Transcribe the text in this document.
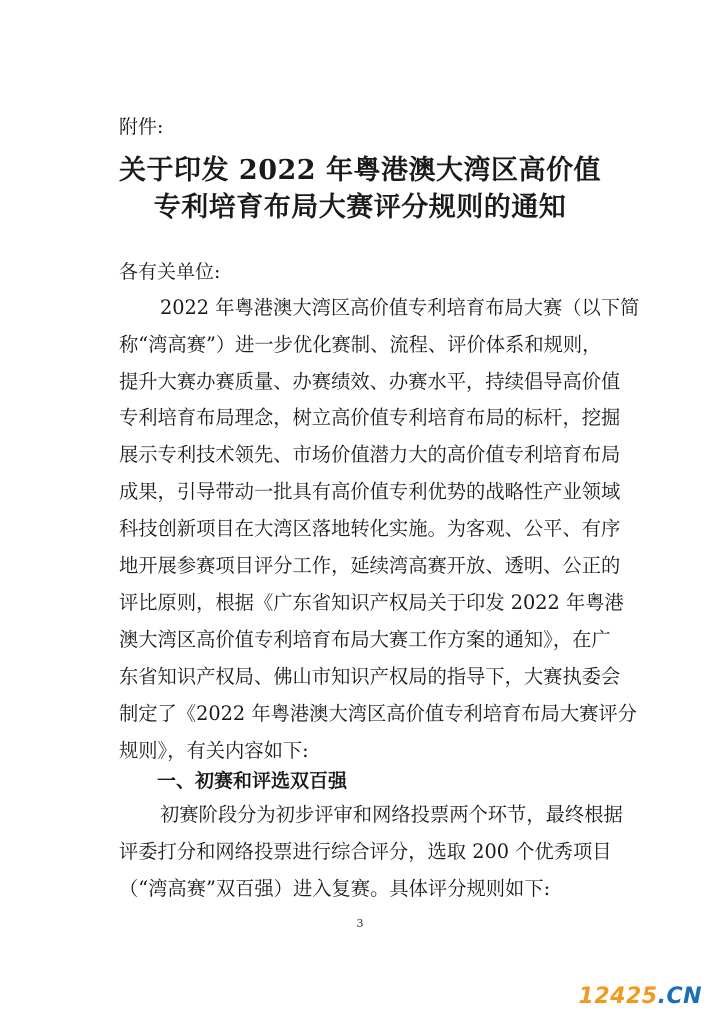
附件:
关于印发 2022 年粤港澳大湾区高价值
专利培育布局大赛评分规则的通知
各有关单位:
2022 年粤港澳大湾区高价值专利培育布局大赛（以下简
称“湾高赛”）进一步优化赛制、流程、评价体系和规则，
提升大赛办赛质量、办赛绩效、办赛水平，持续倡导高价值
专利培育布局理念，树立高价值专利培育布局的标杆，挖掘
展示专利技术领先、市场价值潜力大的高价值专利培育布局
成果，引导带动一批具有高价值专利优势的战略性产业领域
科技创新项目在大湾区落地转化实施。为客观、公平、有序
地开展参赛项目评分工作，延续湾高赛开放、透明、公正的
评比原则，根据《广东省知识产权局关于印发 2022 年粤港
澳大湾区高价值专利培育布局大赛工作方案的通知》，在广
东省知识产权局、佛山市知识产权局的指导下，大赛执委会
制定了《2022 年粤港澳大湾区高价值专利培育布局大赛评分
规则》，有关内容如下:
一、初赛和评选双百强
初赛阶段分为初步评审和网络投票两个环节，最终根据
评委打分和网络投票进行综合评分，选取 200 个优秀项目
（“湾高赛”双百强）进入复赛。具体评分规则如下:
3
12425.CN
